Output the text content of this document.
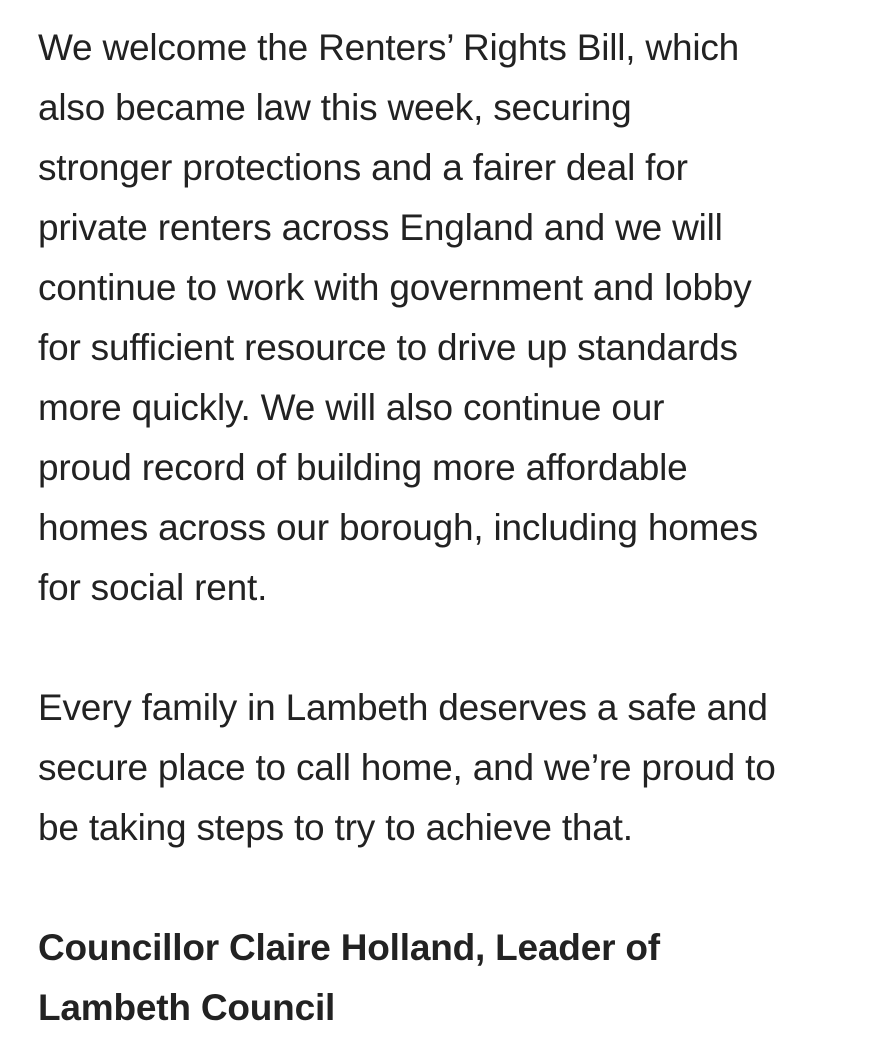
We welcome the Renters’ Rights Bill, which
also became law this week, securing
stronger protections and a fairer deal for
private renters across England and we will
continue to work with government and lobby
for sufficient resource to drive up standards
more quickly. We will also continue our
proud record of building more affordable
homes across our borough, including homes
for social rent.

Every family in Lambeth deserves a safe and
secure place to call home, and we’re proud to
be taking steps to try to achieve that.

Councillor Claire Holland, Leader of
Lambeth Council
